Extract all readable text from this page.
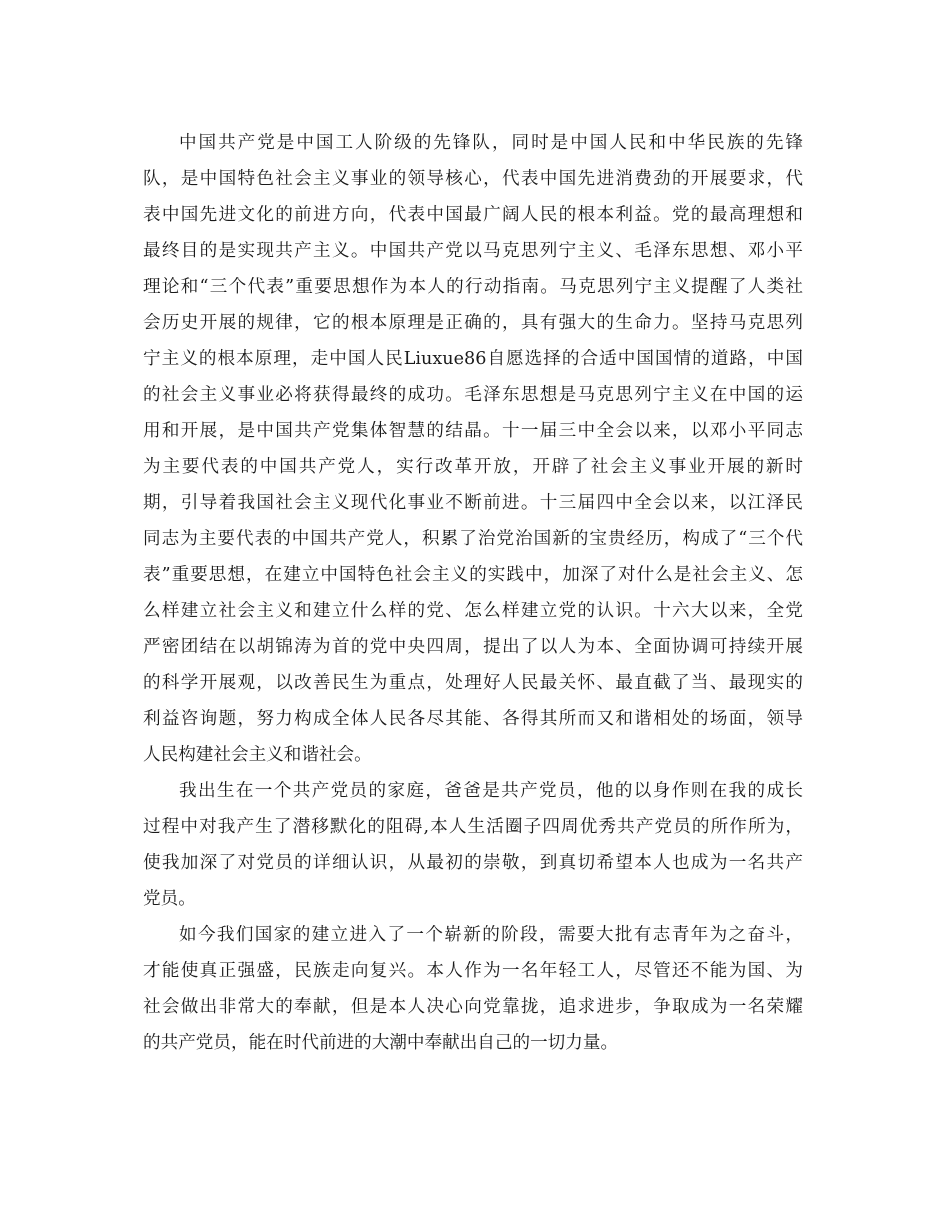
中国共产党是中国工人阶级的先锋队，同时是中国人民和中华民族的先锋
队，是中国特色社会主义事业的领导核心，代表中国先进消费劲的开展要求，代
表中国先进文化的前进方向，代表中国最广阔人民的根本利益。党的最高理想和
最终目的是实现共产主义。中国共产党以马克思列宁主义、毛泽东思想、邓小平
理论和“三个代表”重要思想作为本人的行动指南。马克思列宁主义提醒了人类社
会历史开展的规律，它的根本原理是正确的，具有强大的生命力。坚持马克思列
宁主义的根本原理，走中国人民Liuxue86自愿选择的合适中国国情的道路，中国
的社会主义事业必将获得最终的成功。毛泽东思想是马克思列宁主义在中国的运
用和开展，是中国共产党集体智慧的结晶。十一届三中全会以来，以邓小平同志
为主要代表的中国共产党人，实行改革开放，开辟了社会主义事业开展的新时
期，引导着我国社会主义现代化事业不断前进。十三届四中全会以来，以江泽民
同志为主要代表的中国共产党人，积累了治党治国新的宝贵经历，构成了“三个代
表”重要思想，在建立中国特色社会主义的实践中，加深了对什么是社会主义、怎
么样建立社会主义和建立什么样的党、怎么样建立党的认识。十六大以来，全党
严密团结在以胡锦涛为首的党中央四周，提出了以人为本、全面协调可持续开展
的科学开展观，以改善民生为重点，处理好人民最关怀、最直截了当、最现实的
利益咨询题，努力构成全体人民各尽其能、各得其所而又和谐相处的场面，领导
人民构建社会主义和谐社会。
我出生在一个共产党员的家庭，爸爸是共产党员，他的以身作则在我的成长
过程中对我产生了潜移默化的阻碍,本人生活圈子四周优秀共产党员的所作所为，
使我加深了对党员的详细认识，从最初的崇敬，到真切希望本人也成为一名共产
党员。
如今我们国家的建立进入了一个崭新的阶段，需要大批有志青年为之奋斗，
才能使真正强盛，民族走向复兴。本人作为一名年轻工人，尽管还不能为国、为
社会做出非常大的奉献，但是本人决心向党靠拢，追求进步，争取成为一名荣耀
的共产党员，能在时代前进的大潮中奉献出自己的一切力量。
